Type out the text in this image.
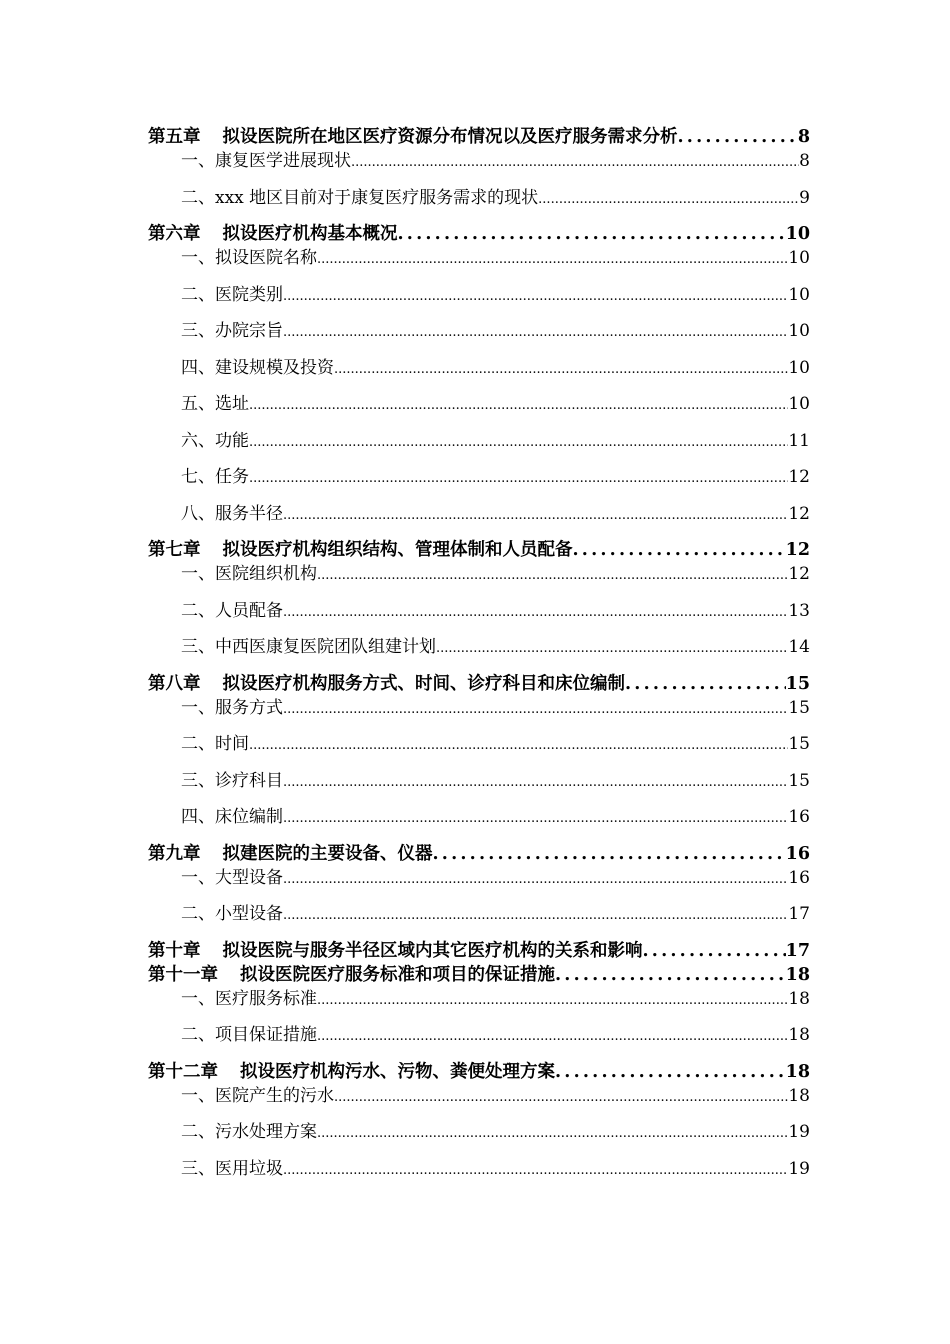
第五章 拟设医院所在地区医疗资源分布情况以及医疗服务需求分析 .....	8
一、康复医学进展现状 .....	8
二、xxx 地区目前对于康复医疗服务需求的现状 .....	9
第六章 拟设医疗机构基本概况 .....	10
一、拟设医院名称 .....	10
二、医院类别 .....	10
三、办院宗旨 .....	10
四、建设规模及投资 .....	10
五、选址 .....	10
六、功能 .....	11
七、任务 .....	12
八、服务半径 .....	12
第七章 拟设医疗机构组织结构、管理体制和人员配备 .....	12
一、医院组织机构 .....	12
二、人员配备 .....	13
三、中西医康复医院团队组建计划 .....	14
第八章 拟设医疗机构服务方式、时间、诊疗科目和床位编制 .....	15
一、服务方式 .....	15
二、时间 .....	15
三、诊疗科目 .....	15
四、床位编制 .....	16
第九章 拟建医院的主要设备、仪器 .....	16
一、大型设备 .....	16
二、小型设备 .....	17
第十章 拟设医院与服务半径区域内其它医疗机构的关系和影响 .....	17
第十一章 拟设医院医疗服务标准和项目的保证措施 .....	18
一、医疗服务标准 .....	18
二、项目保证措施 .....	18
第十二章 拟设医疗机构污水、污物、粪便处理方案 .....	18
一、医院产生的污水 .....	18
二、污水处理方案 .....	19
三、医用垃圾 .....	19
